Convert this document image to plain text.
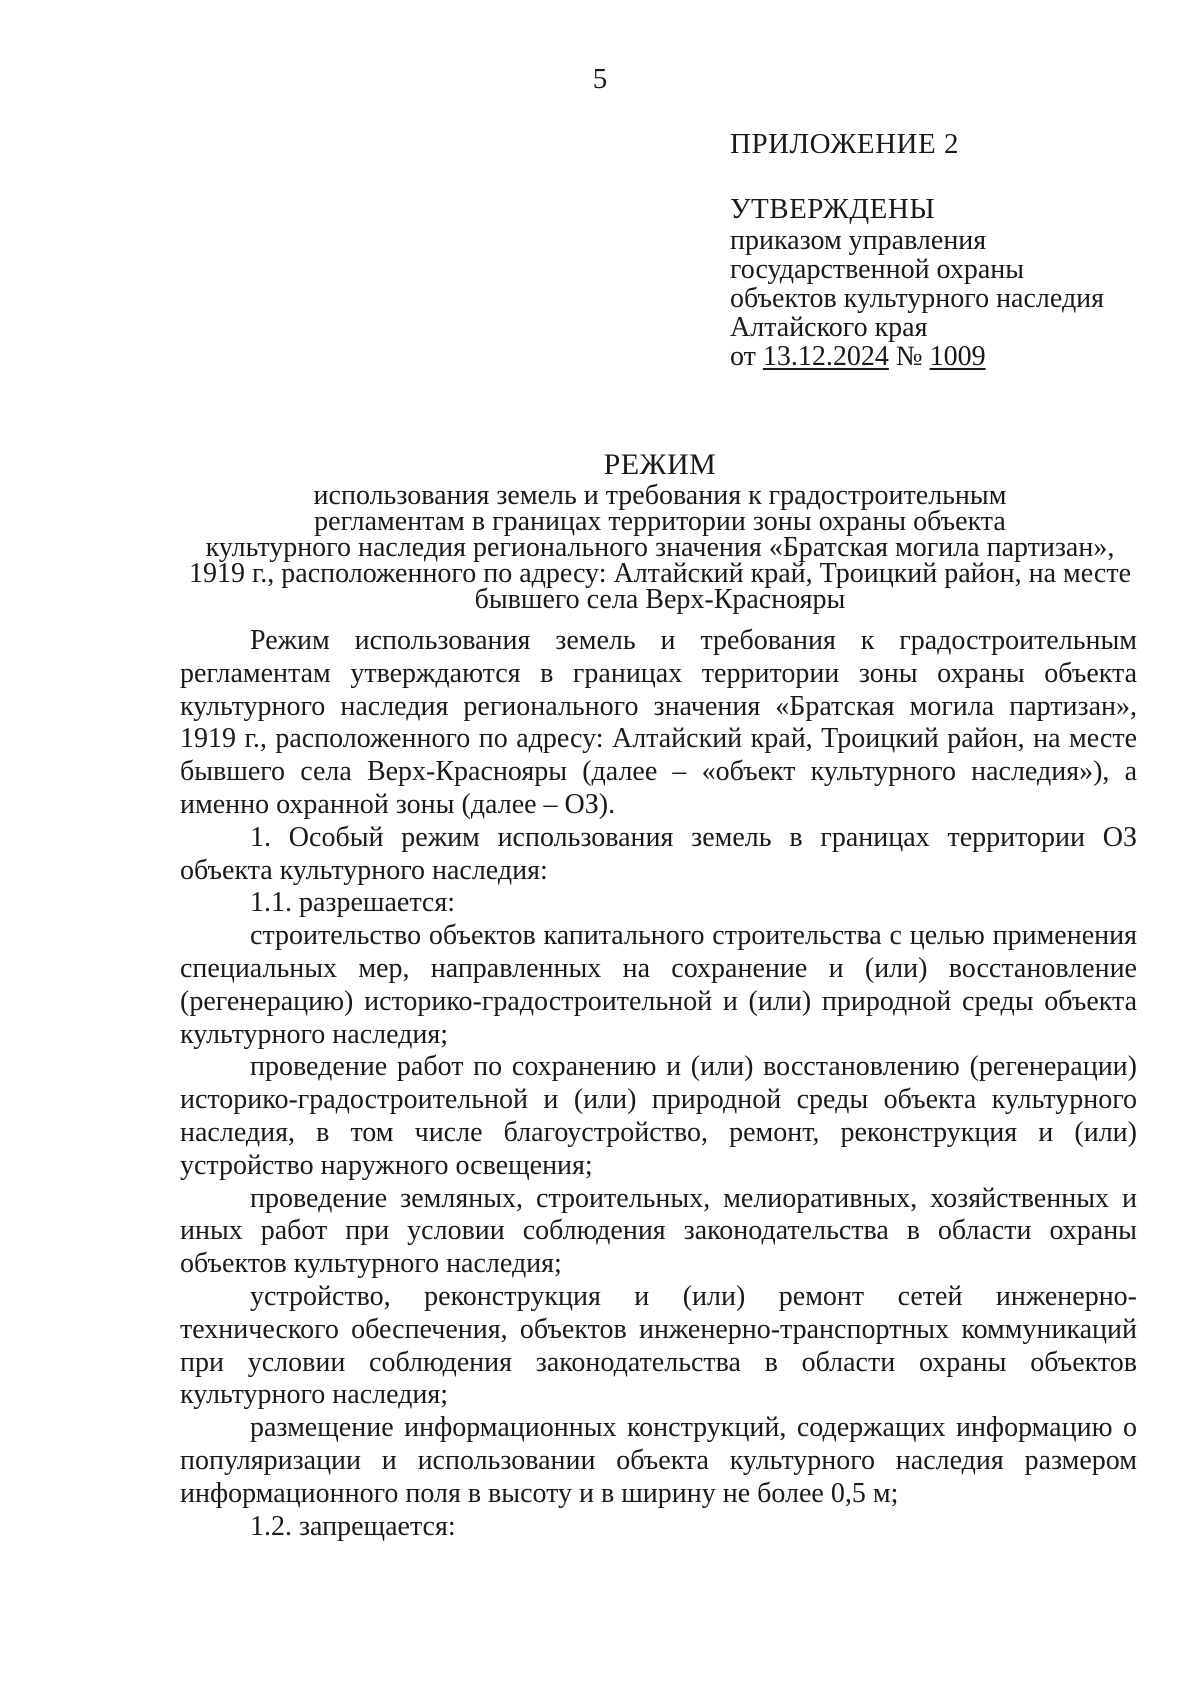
5
ПРИЛОЖЕНИЕ 2
УТВЕРЖДЕНЫ
приказом управления
государственной охраны
объектов культурного наследия
Алтайского края
от 13.12.2024 № 1009
РЕЖИМ
использования земель и требования к градостроительным
регламентам в границах территории зоны охраны объекта
культурного наследия регионального значения «Братская могила партизан»,
1919 г., расположенного по адресу: Алтайский край, Троицкий район, на месте
бывшего села Верх-Краснояры

Режим использования земель и требования к градостроительным регламентам утверждаются в границах территории зоны охраны объекта культурного наследия регионального значения «Братская могила партизан», 1919 г., расположенного по адресу: Алтайский край, Троицкий район, на месте бывшего села Верх-Краснояры (далее – «объект культурного наследия»), а именно охранной зоны (далее – ОЗ).

1. Особый режим использования земель в границах территории ОЗ объекта культурного наследия:

1.1. разрешается:

строительство объектов капитального строительства с целью применения специальных мер, направленных на сохранение и (или) восстановление (регенерацию) историко-градостроительной и (или) природной среды объекта культурного наследия;

проведение работ по сохранению и (или) восстановлению (регенерации) историко-градостроительной и (или) природной среды объекта культурного наследия, в том числе благоустройство, ремонт, реконструкция и (или) устройство наружного освещения;

проведение земляных, строительных, мелиоративных, хозяйственных и иных работ при условии соблюдения законодательства в области охраны объектов культурного наследия;

устройство, реконструкция и (или) ремонт сетей инженерно-технического обеспечения, объектов инженерно-транспортных коммуникаций при условии соблюдения законодательства в области охраны объектов культурного наследия;

размещение информационных конструкций, содержащих информацию о популяризации и использовании объекта культурного наследия размером информационного поля в высоту и в ширину не более 0,5 м;

1.2. запрещается:
